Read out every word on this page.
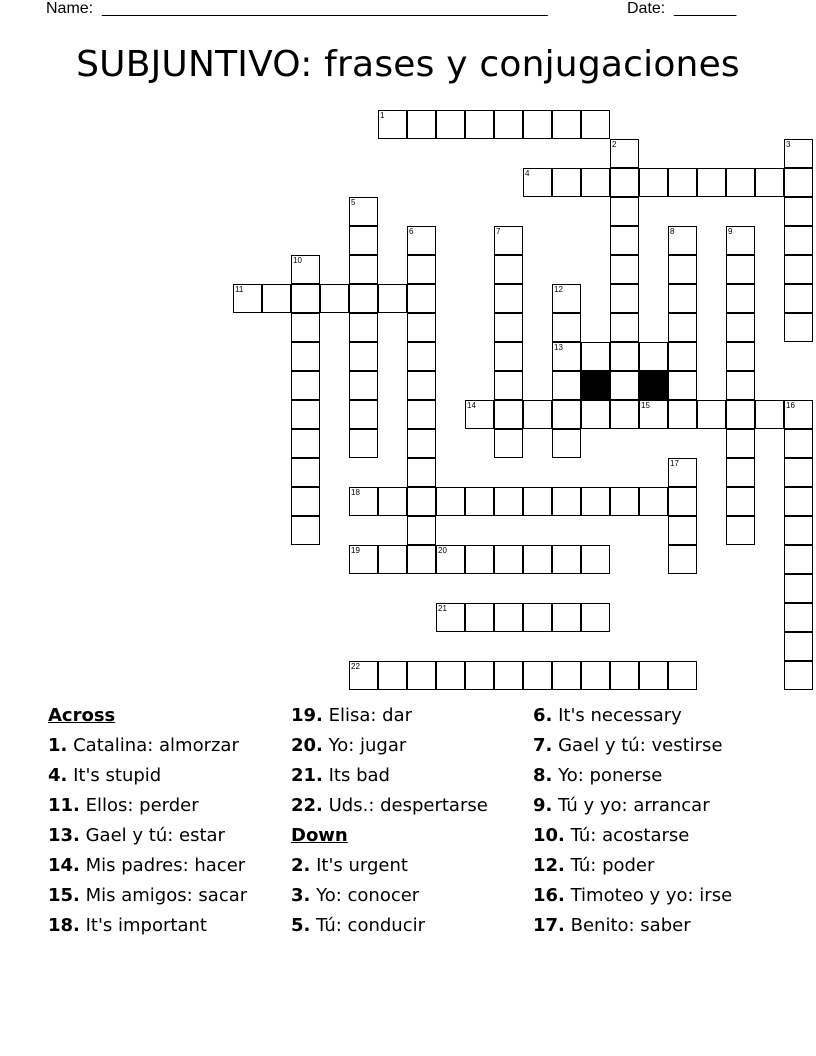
Name: _____________________________________________________	Date: _______
SUBJUNTIVO: frases y conjugaciones
1
4
11
13
14	15	16
18
19	20
21
22
2	3
5
6	7	8	9
10
12
17
Across
1. Catalina: almorzar
4. It's stupid
11. Ellos: perder
13. Gael y tú: estar
14. Mis padres: hacer
15. Mis amigos: sacar
18. It's important
19. Elisa: dar
20. Yo: jugar
21. Its bad
22. Uds.: despertarse
Down
2. It's urgent
3. Yo: conocer
5. Tú: conducir
6. It's necessary
7. Gael y tú: vestirse
8. Yo: ponerse
9. Tú y yo: arrancar
10. Tú: acostarse
12. Tú: poder
16. Timoteo y yo: irse
17. Benito: saber
